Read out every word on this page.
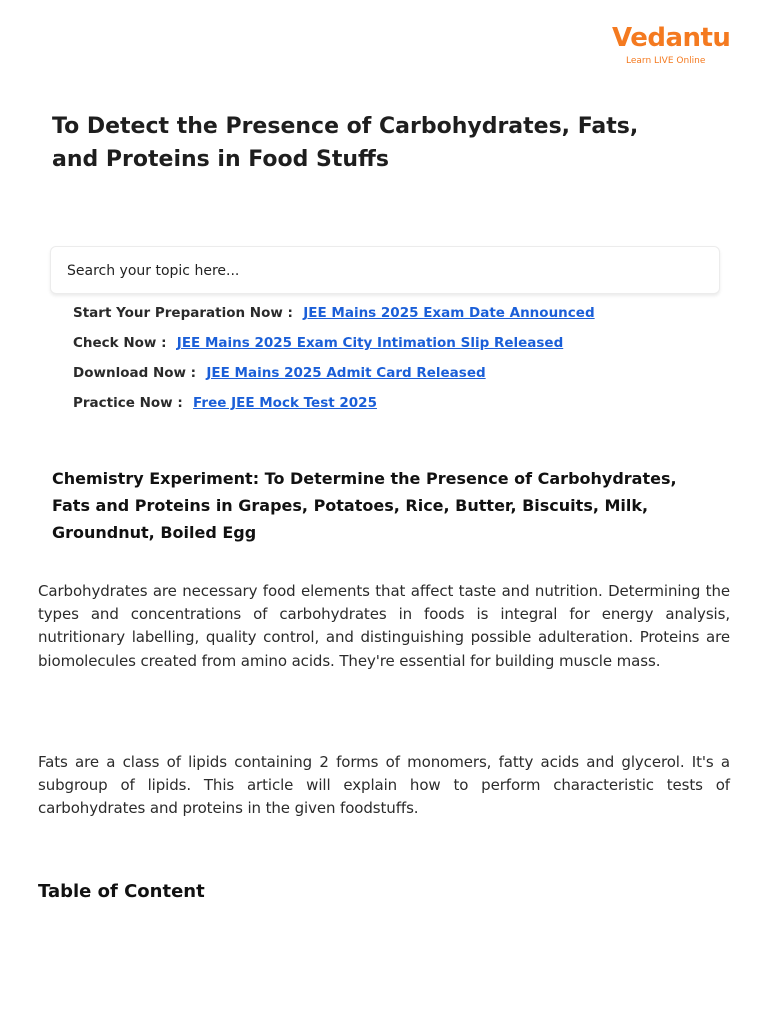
Vedantu
Learn LIVE Online
To Detect the Presence of Carbohydrates, Fats, and Proteins in Food Stuffs
Search your topic here...
Start Your Preparation Now : JEE Mains 2025 Exam Date Announced
Check Now : JEE Mains 2025 Exam City Intimation Slip Released
Download Now : JEE Mains 2025 Admit Card Released
Practice Now : Free JEE Mock Test 2025
Chemistry Experiment: To Determine the Presence of Carbohydrates, Fats and Proteins in Grapes, Potatoes, Rice, Butter, Biscuits, Milk, Groundnut, Boiled Egg

Carbohydrates are necessary food elements that affect taste and nutrition. Determining the types and concentrations of carbohydrates in foods is integral for energy analysis, nutritionary labelling, quality control, and distinguishing possible adulteration. Proteins are biomolecules created from amino acids. They're essential for building muscle mass.

Fats are a class of lipids containing 2 forms of monomers, fatty acids and glycerol. It's a subgroup of lipids. This article will explain how to perform characteristic tests of carbohydrates and proteins in the given foodstuffs.

Table of Content
